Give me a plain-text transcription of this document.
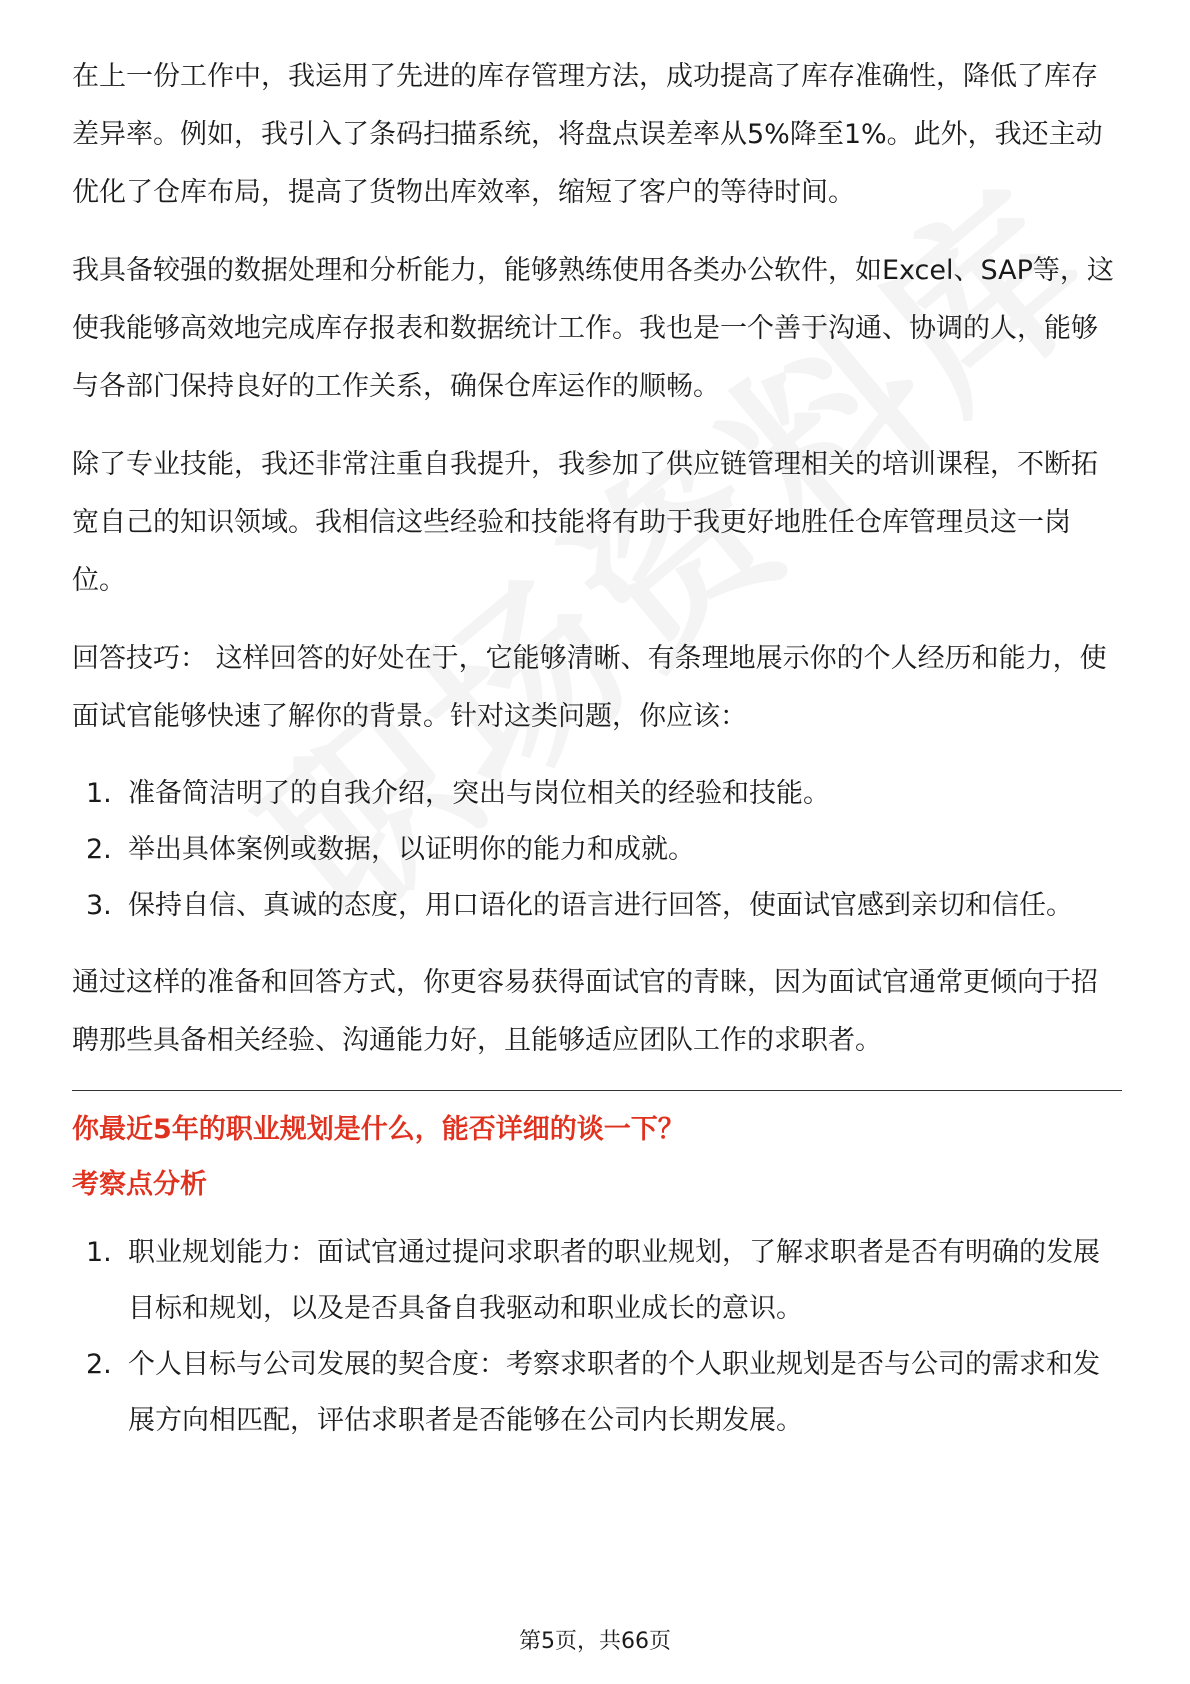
在上一份工作中，我运用了先进的库存管理方法，成功提高了库存准确性，降低了库存差异率。例如，我引入了条码扫描系统，将盘点误差率从5%降至1%。此外，我还主动优化了仓库布局，提高了货物出库效率，缩短了客户的等待时间。

我具备较强的数据处理和分析能力，能够熟练使用各类办公软件，如Excel、SAP等，这使我能够高效地完成库存报表和数据统计工作。我也是一个善于沟通、协调的人，能够与各部门保持良好的工作关系，确保仓库运作的顺畅。

除了专业技能，我还非常注重自我提升，我参加了供应链管理相关的培训课程，不断拓宽自己的知识领域。我相信这些经验和技能将有助于我更好地胜任仓库管理员这一岗位。

回答技巧： 这样回答的好处在于，它能够清晰、有条理地展示你的个人经历和能力，使面试官能够快速了解你的背景。针对这类问题，你应该：

1. 准备简洁明了的自我介绍，突出与岗位相关的经验和技能。
2. 举出具体案例或数据，以证明你的能力和成就。
3. 保持自信、真诚的态度，用口语化的语言进行回答，使面试官感到亲切和信任。

通过这样的准备和回答方式，你更容易获得面试官的青睐，因为面试官通常更倾向于招聘那些具备相关经验、沟通能力好，且能够适应团队工作的求职者。

你最近5年的职业规划是什么，能否详细的谈一下？
考察点分析
1. 职业规划能力：面试官通过提问求职者的职业规划，了解求职者是否有明确的发展目标和规划，以及是否具备自我驱动和职业成长的意识。
2. 个人目标与公司发展的契合度：考察求职者的个人职业规划是否与公司的需求和发展方向相匹配，评估求职者是否能够在公司内长期发展。
第5页，共66页
